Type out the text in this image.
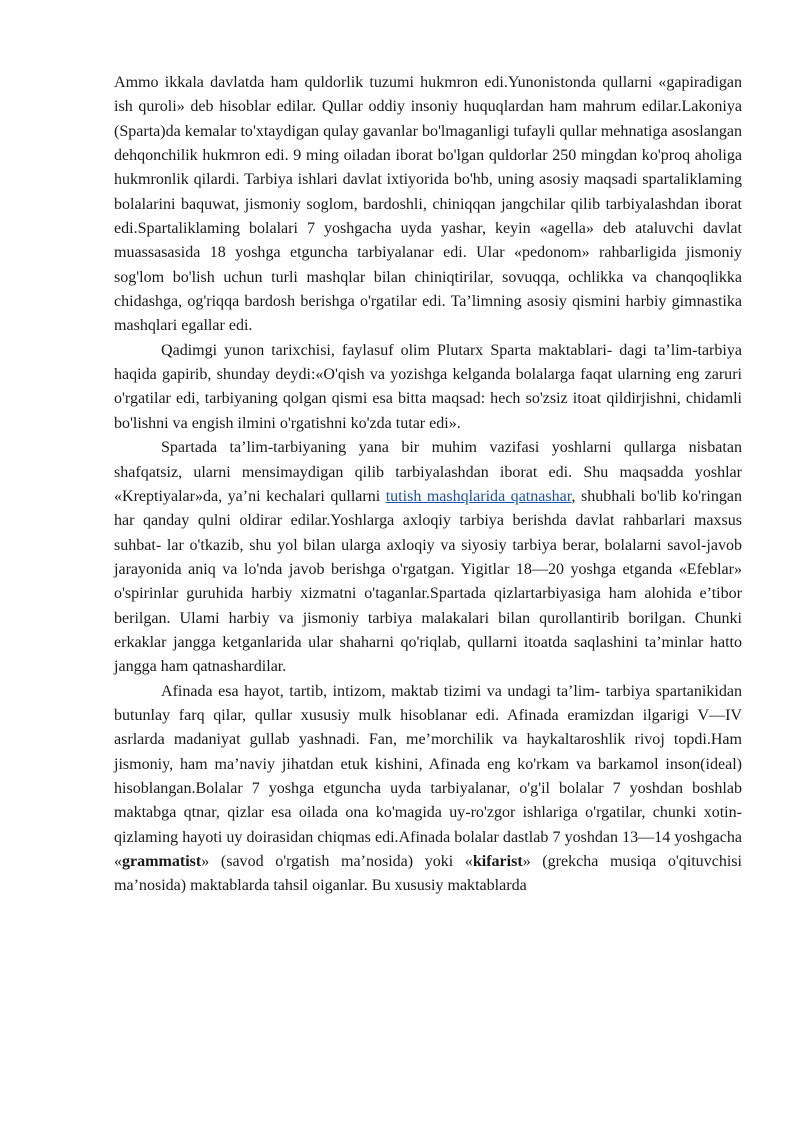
Ammo ikkala davlatda ham quldorlik tuzumi hukmron edi.Yunonistonda qullarni «gapiradigan ish quroli» deb hisoblar edilar. Qullar oddiy insoniy huquqlardan ham mahrum edilar.Lakoniya (Sparta)da kemalar to'xtaydigan qulay gavanlar bo'lmaganligi tufayli qullar mehnatiga asoslangan dehqonchilik hukmron edi. 9 ming oiladan iborat bo'lgan quldorlar 250 mingdan ko'proq aholiga hukmronlik qilardi. Tarbiya ishlari davlat ixtiyorida bo'hb, uning asosiy maqsadi spartaliklaming bolalarini baquwat, jismoniy soglom, bardoshli, chiniqqan jangchilar qilib tarbiyalashdan iborat edi.Spartaliklaming bolalari 7 yoshgacha uyda yashar, keyin «agella» deb ataluvchi davlat muassasasida 18 yoshga etguncha tarbiyalanar edi. Ular «pedonom» rahbarligida jismoniy sog'lom bo'lish uchun turli mashqlar bilan chiniqtirilar, sovuqqa, ochlikka va chanqoqlikka chidashga, og'riqqa bardosh berishga o'rgatilar edi. Ta’limning asosiy qismini harbiy gimnastika mashqlari egallar edi.

Qadimgi yunon tarixchisi, faylasuf olim Plutarx Sparta maktablari- dagi ta’lim-tarbiya haqida gapirib, shunday deydi:«O'qish va yozishga kelganda bolalarga faqat ularning eng zaruri o'rgatilar edi, tarbiyaning qolgan qismi esa bitta maqsad: hech so'zsiz itoat qildirjishni, chidamli bo'lishni va engish ilmini o'rgatishni ko'zda tutar edi».

Spartada ta’lim-tarbiyaning yana bir muhim vazifasi yoshlarni qullarga nisbatan shafqatsiz, ularni mensimaydigan qilib tarbiyalashdan iborat edi. Shu maqsadda yoshlar «Kreptiyalar»da, ya’ni kechalari qullarni tutish mashqlarida qatnashar, shubhali bo'lib ko'ringan har qanday qulni oldirar edilar.Yoshlarga axloqiy tarbiya berishda davlat rahbarlari maxsus suhbat- lar o'tkazib, shu yol bilan ularga axloqiy va siyosiy tarbiya berar, bolalarni savol-javob jarayonida aniq va lo'nda javob berishga o'rgatgan. Yigitlar 18—20 yoshga etganda «Efeblar» o'spirinlar guruhida harbiy xizmatni o'taganlar.Spartada qizlartarbiyasiga ham alohida e’tibor berilgan. Ulami harbiy va jismoniy tarbiya malakalari bilan qurollantirib borilgan. Chunki erkaklar jangga ketganlarida ular shaharni qo'riqlab, qullarni itoatda saqlashini ta’minlar hatto jangga ham qatnashardilar.

Afinada esa hayot, tartib, intizom, maktab tizimi va undagi ta’lim- tarbiya spartanikidan butunlay farq qilar, qullar xususiy mulk hisoblanar edi. Afinada eramizdan ilgarigi V—IV asrlarda madaniyat gullab yashnadi. Fan, me’morchilik va haykaltaroshlik rivoj topdi.Ham jismoniy, ham ma’naviy jihatdan etuk kishini, Afinada eng ko'rkam va barkamol inson(ideal) hisoblangan.Bolalar 7 yoshga etguncha uyda tarbiyalanar, o'g'il bolalar 7 yoshdan boshlab maktabga qtnar, qizlar esa oilada ona ko'magida uy-ro'zgor ishlariga o'rgatilar, chunki xotin-qizlaming hayoti uy doirasidan chiqmas edi.Afinada bolalar dastlab 7 yoshdan 13—14 yoshgacha «grammatist» (savod o'rgatish ma’nosida) yoki «kifarist» (grekcha musiqa o'qituvchisi ma’nosida) maktablarda tahsil oiganlar. Bu xususiy maktablarda
